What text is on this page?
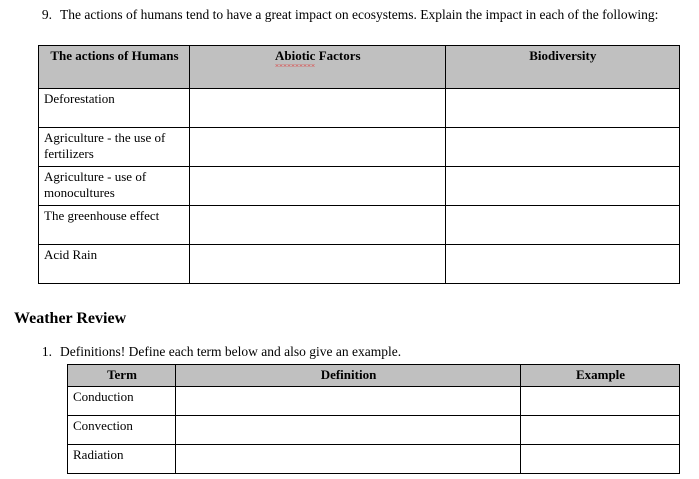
9. The actions of humans tend to have a great impact on ecosystems. Explain the impact in each of the following:
The actions of Humans	Abiotic Factors	Biodiversity
Deforestation		
Agriculture - the use of fertilizers		
Agriculture - use of monocultures		
The greenhouse effect		
Acid Rain		
Weather Review
1. Definitions! Define each term below and also give an example.
Term	Definition	Example
Conduction		
Convection		
Radiation		
